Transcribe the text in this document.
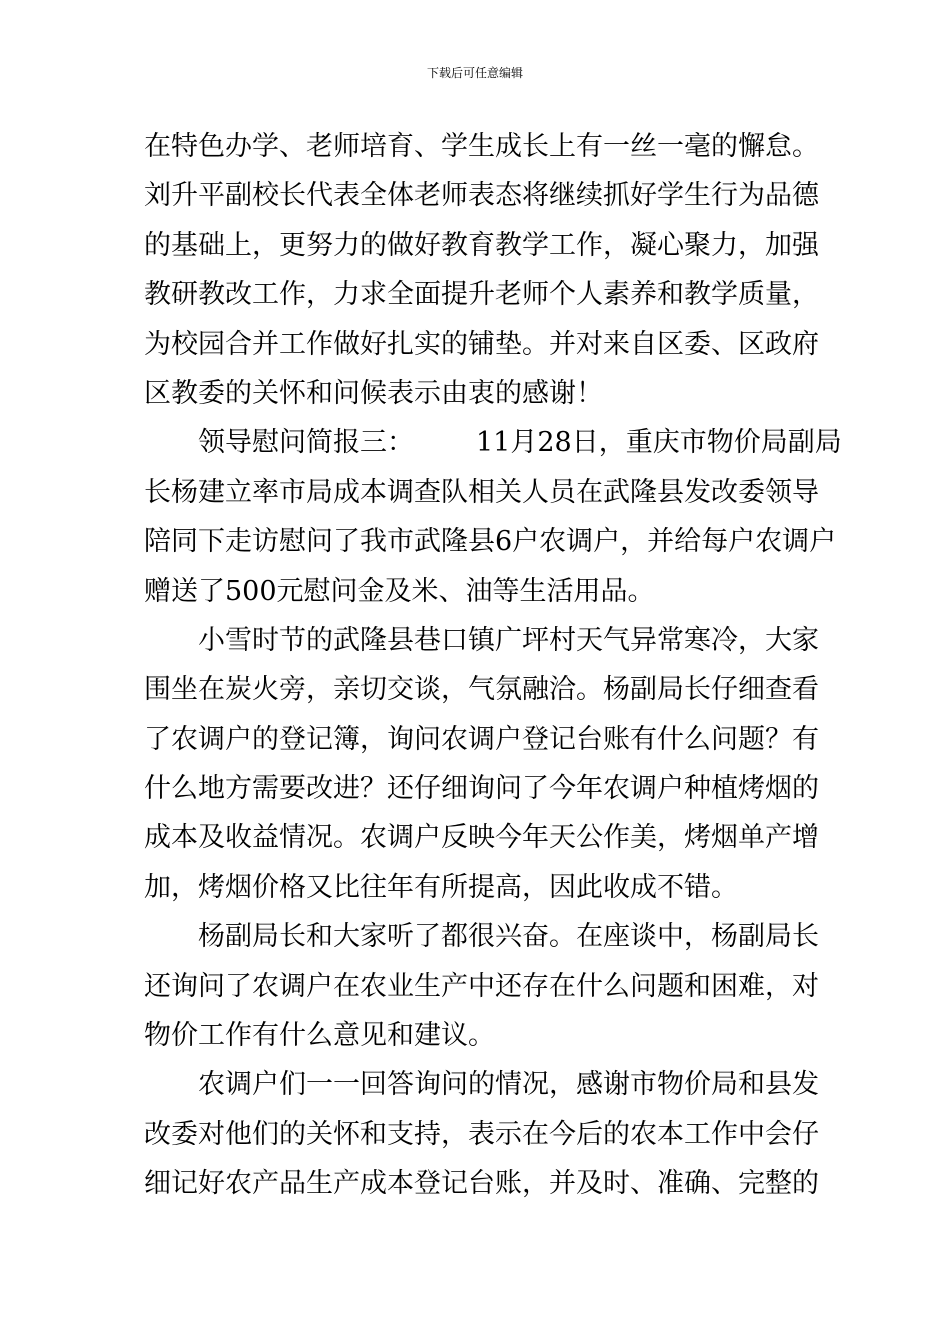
下载后可任意编辑
在特色办学、老师培育、学生成长上有一丝一毫的懈怠。
刘升平副校长代表全体老师表态将继续抓好学生行为品德
的基础上，更努力的做好教育教学工作，凝心聚力，加强
教研教改工作，力求全面提升老师个人素养和教学质量，
为校园合并工作做好扎实的铺垫。并对来自区委、区政府
区教委的关怀和问候表示由衷的感谢！
领导慰问简报三： 11月28日，重庆市物价局副局
长杨建立率市局成本调查队相关人员在武隆县发改委领导
陪同下走访慰问了我市武隆县6户农调户，并给每户农调户
赠送了500元慰问金及米、油等生活用品。
小雪时节的武隆县巷口镇广坪村天气异常寒冷，大家
围坐在炭火旁，亲切交谈，气氛融洽。杨副局长仔细查看
了农调户的登记簿，询问农调户登记台账有什么问题？有
什么地方需要改进？还仔细询问了今年农调户种植烤烟的
成本及收益情况。农调户反映今年天公作美，烤烟单产增
加，烤烟价格又比往年有所提高，因此收成不错。
杨副局长和大家听了都很兴奋。在座谈中，杨副局长
还询问了农调户在农业生产中还存在什么问题和困难，对
物价工作有什么意见和建议。
农调户们一一回答询问的情况，感谢市物价局和县发
改委对他们的关怀和支持，表示在今后的农本工作中会仔
细记好农产品生产成本登记台账，并及时、准确、完整的
